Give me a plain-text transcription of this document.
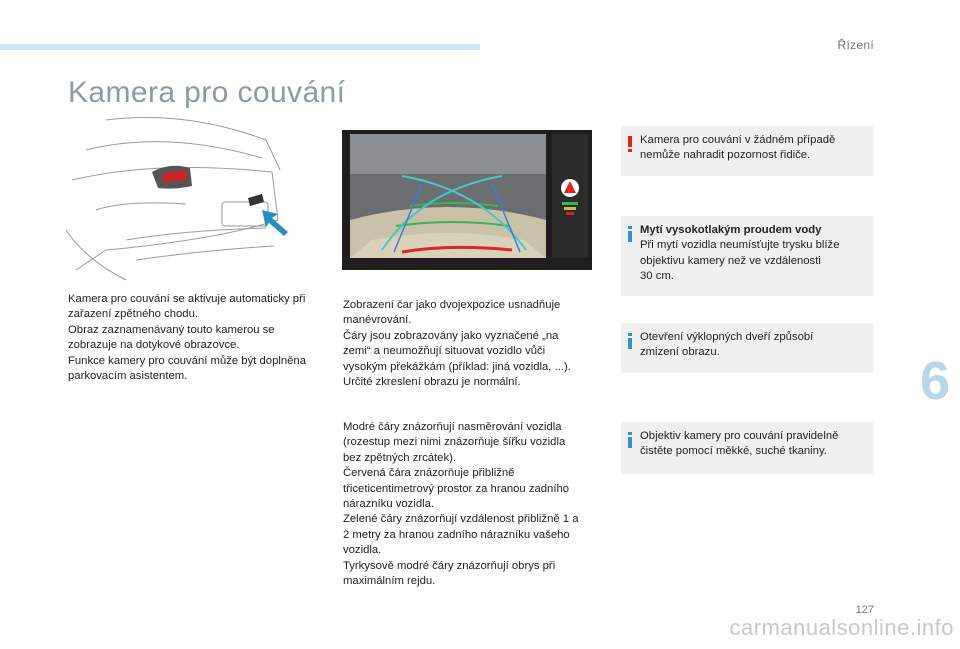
Řízení
Kamera pro couvání

Kamera pro couvání se aktivuje automaticky při

zařazení zpětného chodu.

Obraz zaznamenávaný touto kamerou se

zobrazuje na dotykové obrazovce.

Funkce kamery pro couvání může být doplněna

parkovacím asistentem.

Zobrazení čar jako dvojexpozice usnadňuje

manévrování.

Čáry jsou zobrazovány jako vyznačené „na

zemi“ a neumožňují situovat vozidlo vůči

vysokým překážkám (příklad: jiná vozidla, ...).

Určité zkreslení obrazu je normální.

Modré čáry znázorňují nasměrování vozidla

(rozestup mezi nimi znázorňuje šířku vozidla

bez zpětných zrcátek).

Červená čára znázorňuje přibližně

třiceticentimetrový prostor za hranou zadního

nárazníku vozidla.

Zelené čáry znázorňují vzdálenost přibližně 1 a

2 metry za hranou zadního nárazníku vašeho

vozidla.

Tyrkysově modré čáry znázorňují obrys při

maximálním rejdu.

Kamera pro couvání v žádném případě

nemůže nahradit pozornost řidiče.

Mytí vysokotlakým proudem vody

Při mytí vozidla neumísťujte trysku blíže

objektivu kamery než ve vzdálenosti

30 cm.

Otevření výklopných dveří způsobí

zmizení obrazu.

Objektiv kamery pro couvání pravidelně

čistěte pomocí měkké, suché tkaniny.

6
127
carmanualsonline.info
